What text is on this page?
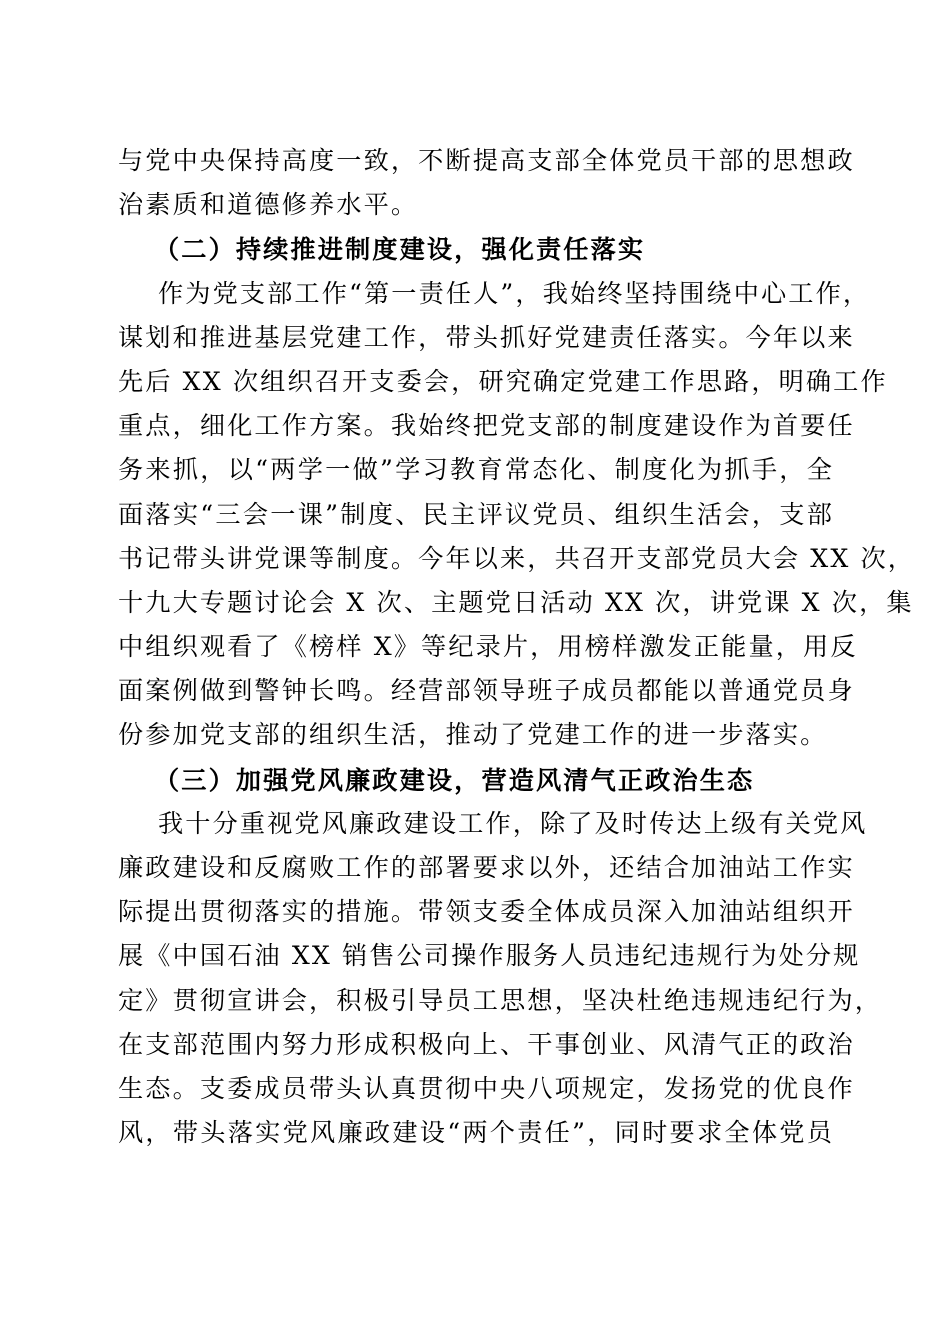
与党中央保持高度一致，不断提高支部全体党员干部的思想政
治素质和道德修养水平。
（二）持续推进制度建设，强化责任落实
作为党支部工作“第一责任人”，我始终坚持围绕中心工作，
谋划和推进基层党建工作，带头抓好党建责任落实。今年以来
先后 XX 次组织召开支委会，研究确定党建工作思路，明确工作
重点，细化工作方案。我始终把党支部的制度建设作为首要任
务来抓，以“两学一做”学习教育常态化、制度化为抓手，全
面落实“三会一课”制度、民主评议党员、组织生活会，支部
书记带头讲党课等制度。今年以来，共召开支部党员大会 XX 次，
十九大专题讨论会 X 次、主题党日活动 XX 次，讲党课 X 次，集
中组织观看了《榜样 X》等纪录片，用榜样激发正能量，用反
面案例做到警钟长鸣。经营部领导班子成员都能以普通党员身
份参加党支部的组织生活，推动了党建工作的进一步落实。
（三）加强党风廉政建设，营造风清气正政治生态
我十分重视党风廉政建设工作，除了及时传达上级有关党风
廉政建设和反腐败工作的部署要求以外，还结合加油站工作实
际提出贯彻落实的措施。带领支委全体成员深入加油站组织开
展《中国石油 XX 销售公司操作服务人员违纪违规行为处分规
定》贯彻宣讲会，积极引导员工思想，坚决杜绝违规违纪行为，
在支部范围内努力形成积极向上、干事创业、风清气正的政治
生态。支委成员带头认真贯彻中央八项规定，发扬党的优良作
风，带头落实党风廉政建设“两个责任”，同时要求全体党员
